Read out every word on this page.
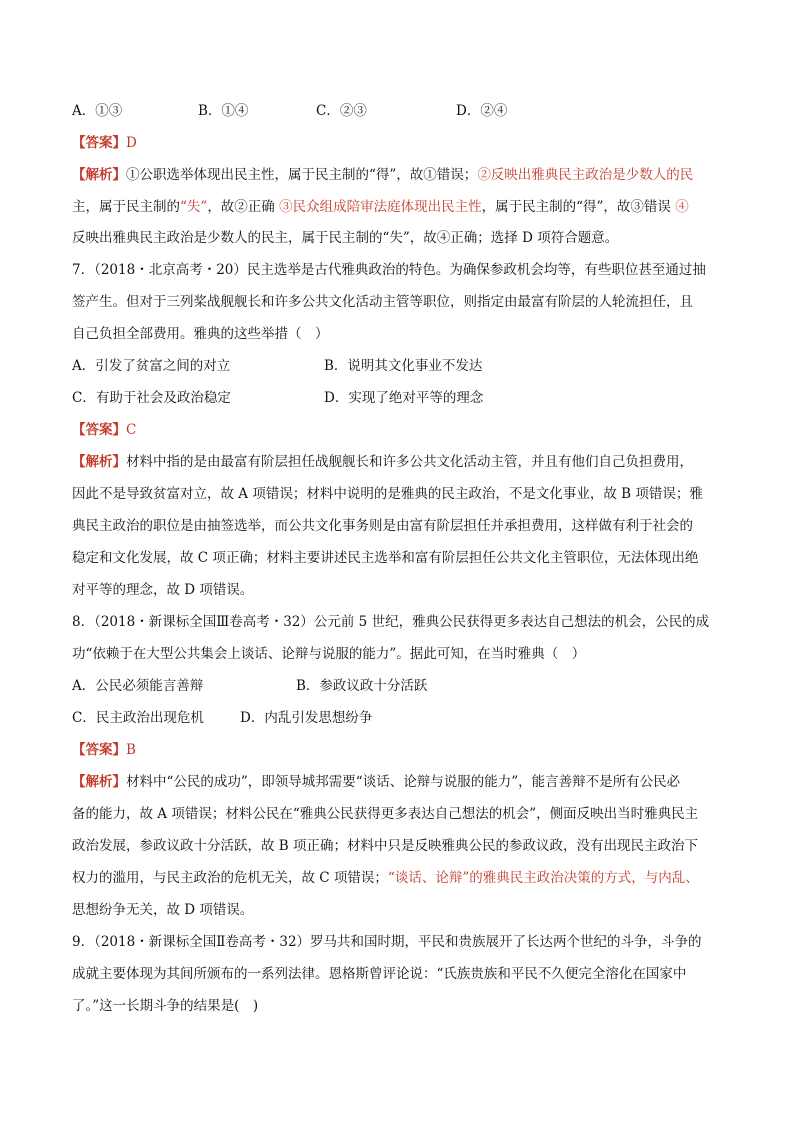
A．①③	B．①④	C．②③	D．②④
【答案】D
【解析】①公职选举体现出民主性，属于民主制的“得”，故①错误；②反映出雅典民主政治是少数人的民
主，属于民主制的“失”，故②正确 ③民众组成陪审法庭体现出民主性，属于民主制的“得”，故③错误 ④
反映出雅典民主政治是少数人的民主，属于民主制的“失”，故④正确；选择 D 项符合题意。
7．（2018・北京高考・20）民主选举是古代雅典政治的特色。为确保参政机会均等，有些职位甚至通过抽
签产生。但对于三列桨战舰舰长和许多公共文化活动主管等职位，则指定由最富有阶层的人轮流担任，且
自己负担全部费用。雅典的这些举措（　）
A．引发了贫富之间的对立	B．说明其文化事业不发达
C．有助于社会及政治稳定	D．实现了绝对平等的理念
【答案】C
【解析】材料中指的是由最富有阶层担任战舰舰长和许多公共文化活动主管，并且有他们自己负担费用，
因此不是导致贫富对立，故 A 项错误；材料中说明的是雅典的民主政治，不是文化事业，故 B 项错误；雅
典民主政治的职位是由抽签选举，而公共文化事务则是由富有阶层担任并承担费用，这样做有利于社会的
稳定和文化发展，故 C 项正确；材料主要讲述民主选举和富有阶层担任公共文化主管职位，无法体现出绝
对平等的理念，故 D 项错误。
8．（2018・新课标全国Ⅲ卷高考・32）公元前 5 世纪，雅典公民获得更多表达自己想法的机会，公民的成
功“依赖于在大型公共集会上谈话、论辩与说服的能力”。据此可知，在当时雅典（　）
A．公民必须能言善辩	B．参政议政十分活跃
C．民主政治出现危机	D．内乱引发思想纷争
【答案】B
【解析】材料中“公民的成功”，即领导城邦需要“谈话、论辩与说服的能力”，能言善辩不是所有公民必
备的能力，故 A 项错误；材料公民在“雅典公民获得更多表达自己想法的机会”，侧面反映出当时雅典民主
政治发展，参政议政十分活跃，故 B 项正确；材料中只是反映雅典公民的参政议政，没有出现民主政治下
权力的滥用，与民主政治的危机无关，故 C 项错误；“谈话、论辩”的雅典民主政治决策的方式，与内乱、
思想纷争无关，故 D 项错误。
9．（2018・新课标全国Ⅱ卷高考・32）罗马共和国时期，平民和贵族展开了长达两个世纪的斗争，斗争的
成就主要体现为其间所颁布的一系列法律。恩格斯曾评论说：“氏族贵族和平民不久便完全溶化在国家中
了。”这一长期斗争的结果是(　)
